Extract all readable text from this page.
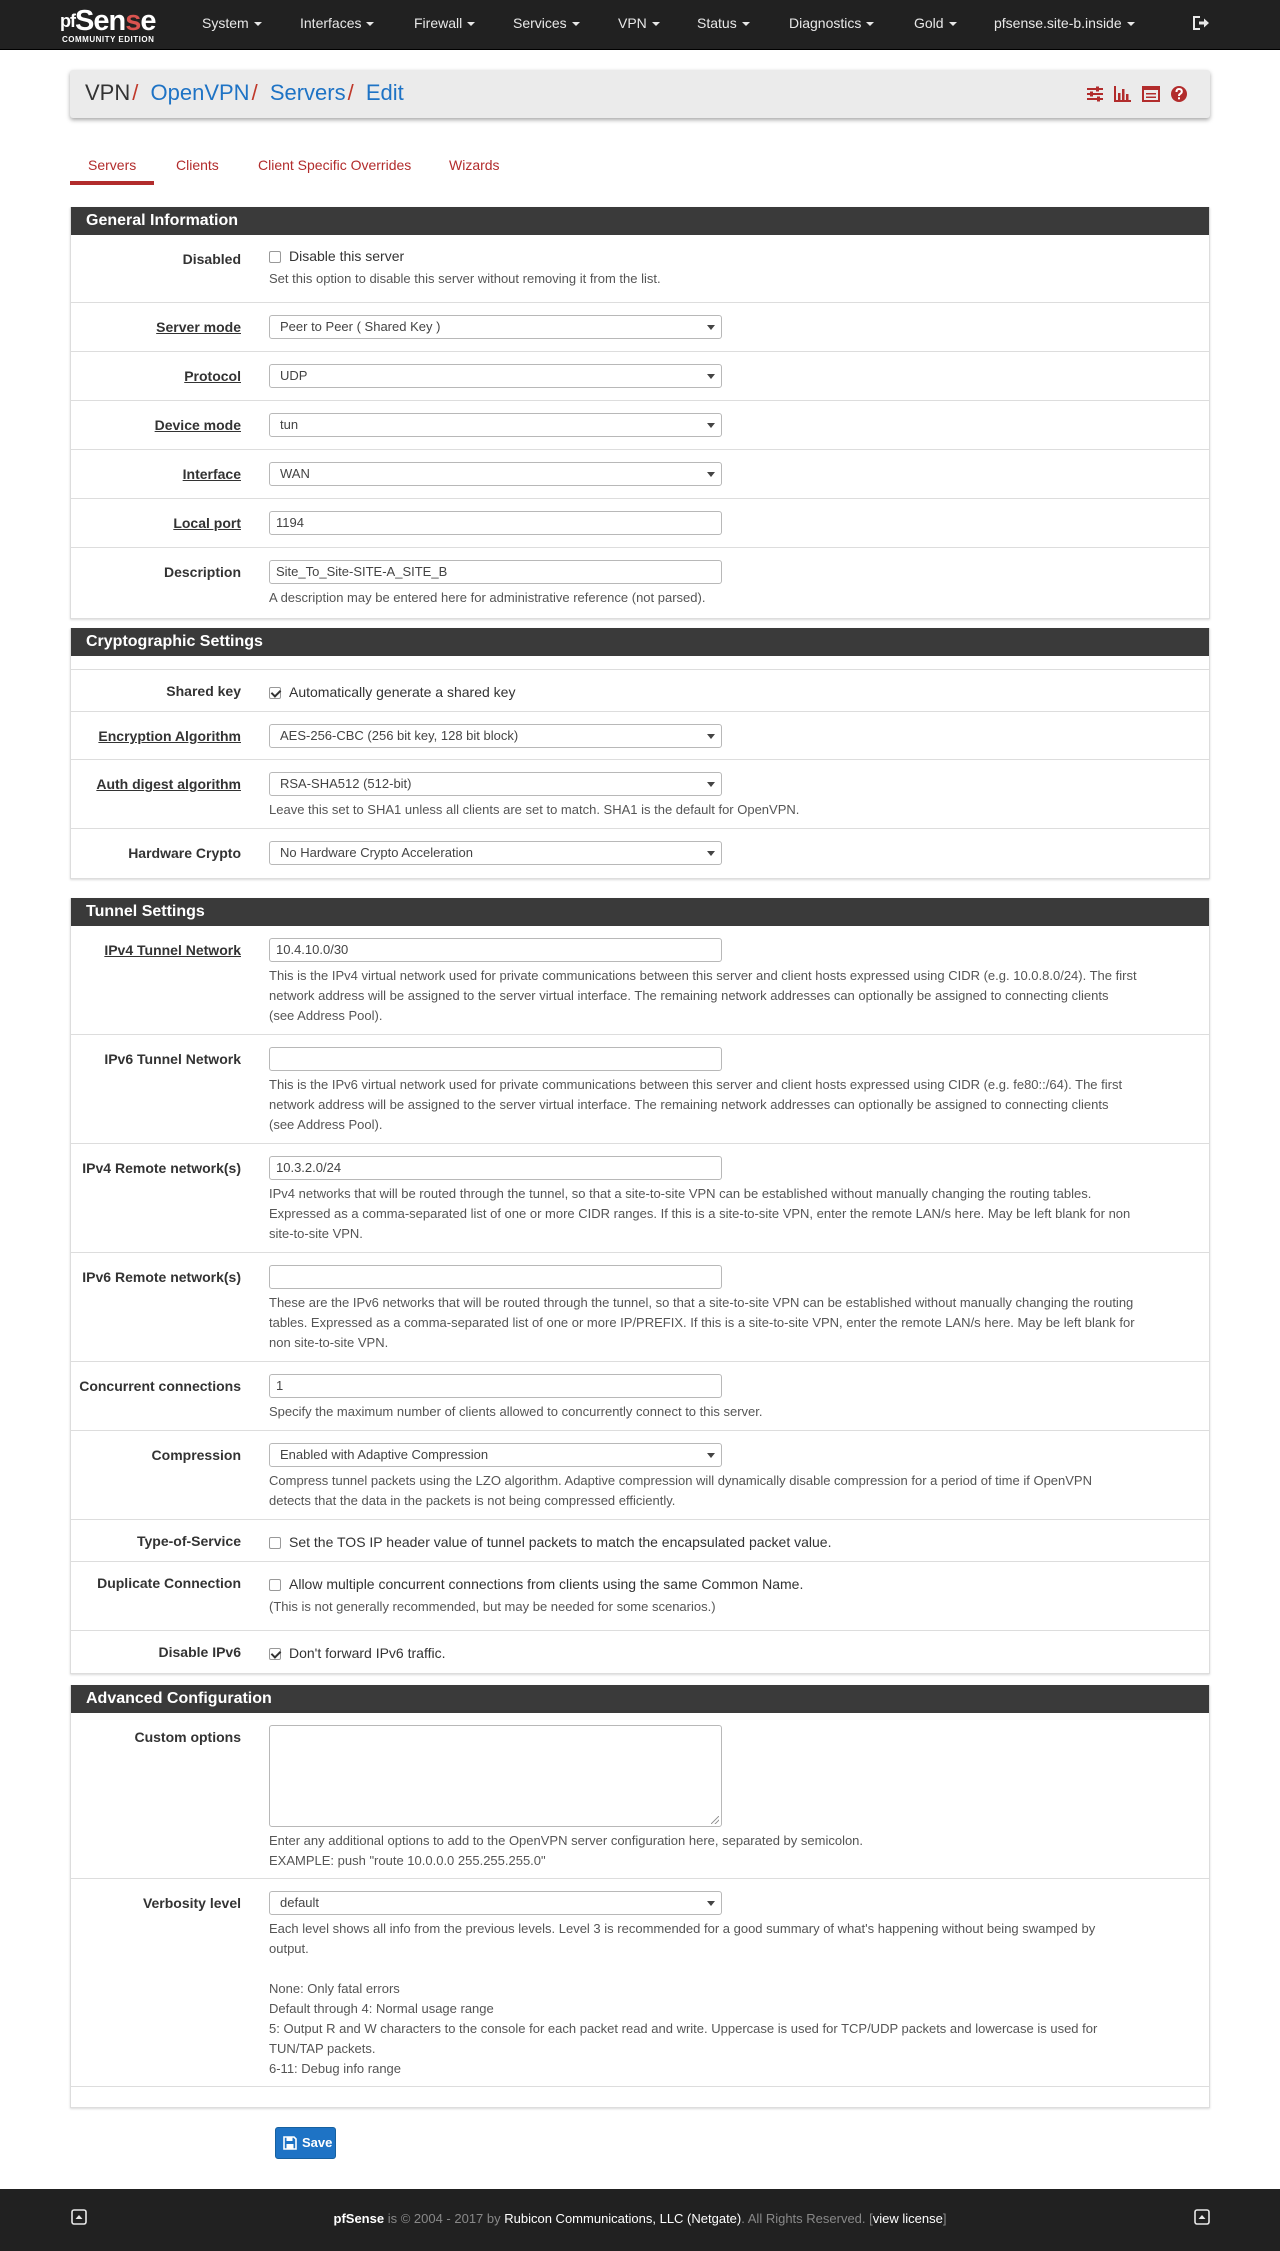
$^{pf}$Sense
COMMUNITY EDITION
System	Interfaces	Firewall	Services	VPN	Status	Diagnostics	Gold	pfsense.site-b.inside
VPN/ OpenVPN/ Servers/ Edit
Servers	Clients	Client Specific Overrides	Wizards
General Information
Disabled	Disable this server
Set this option to disable this server without removing it from the list.
Server mode	Peer to Peer ( Shared Key )
Protocol	UDP
Device mode	tun
Interface	WAN
Local port	1194
Description	Site_To_Site-SITE-A_SITE_B
A description may be entered here for administrative reference (not parsed).
Cryptographic Settings
Shared key	Automatically generate a shared key
Encryption Algorithm	AES-256-CBC (256 bit key, 128 bit block)
Auth digest algorithm	RSA-SHA512 (512-bit)
Leave this set to SHA1 unless all clients are set to match. SHA1 is the default for OpenVPN.
Hardware Crypto	No Hardware Crypto Acceleration
Tunnel Settings
IPv4 Tunnel Network	10.4.10.0/30
This is the IPv4 virtual network used for private communications between this server and client hosts expressed using CIDR (e.g. 10.0.8.0/24). The first
network address will be assigned to the server virtual interface. The remaining network addresses can optionally be assigned to connecting clients
(see Address Pool).
IPv6 Tunnel Network
This is the IPv6 virtual network used for private communications between this server and client hosts expressed using CIDR (e.g. fe80::/64). The first
network address will be assigned to the server virtual interface. The remaining network addresses can optionally be assigned to connecting clients
(see Address Pool).
IPv4 Remote network(s)	10.3.2.0/24
IPv4 networks that will be routed through the tunnel, so that a site-to-site VPN can be established without manually changing the routing tables.
Expressed as a comma-separated list of one or more CIDR ranges. If this is a site-to-site VPN, enter the remote LAN/s here. May be left blank for non
site-to-site VPN.
IPv6 Remote network(s)
These are the IPv6 networks that will be routed through the tunnel, so that a site-to-site VPN can be established without manually changing the routing
tables. Expressed as a comma-separated list of one or more IP/PREFIX. If this is a site-to-site VPN, enter the remote LAN/s here. May be left blank for
non site-to-site VPN.
Concurrent connections	1
Specify the maximum number of clients allowed to concurrently connect to this server.
Compression	Enabled with Adaptive Compression
Compress tunnel packets using the LZO algorithm. Adaptive compression will dynamically disable compression for a period of time if OpenVPN
detects that the data in the packets is not being compressed efficiently.
Type-of-Service	Set the TOS IP header value of tunnel packets to match the encapsulated packet value.
Duplicate Connection	Allow multiple concurrent connections from clients using the same Common Name.
(This is not generally recommended, but may be needed for some scenarios.)
Disable IPv6	Don't forward IPv6 traffic.
Advanced Configuration
Custom options
Enter any additional options to add to the OpenVPN server configuration here, separated by semicolon.
EXAMPLE: push "route 10.0.0.0 255.255.255.0"
Verbosity level	default
Each level shows all info from the previous levels. Level 3 is recommended for a good summary of what's happening without being swamped by
output.
None: Only fatal errors
Default through 4: Normal usage range
5: Output R and W characters to the console for each packet read and write. Uppercase is used for TCP/UDP packets and lowercase is used for
TUN/TAP packets.
6-11: Debug info range
Save
pfSense is © 2004 - 2017 by Rubicon Communications, LLC (Netgate). All Rights Reserved. [view license]
